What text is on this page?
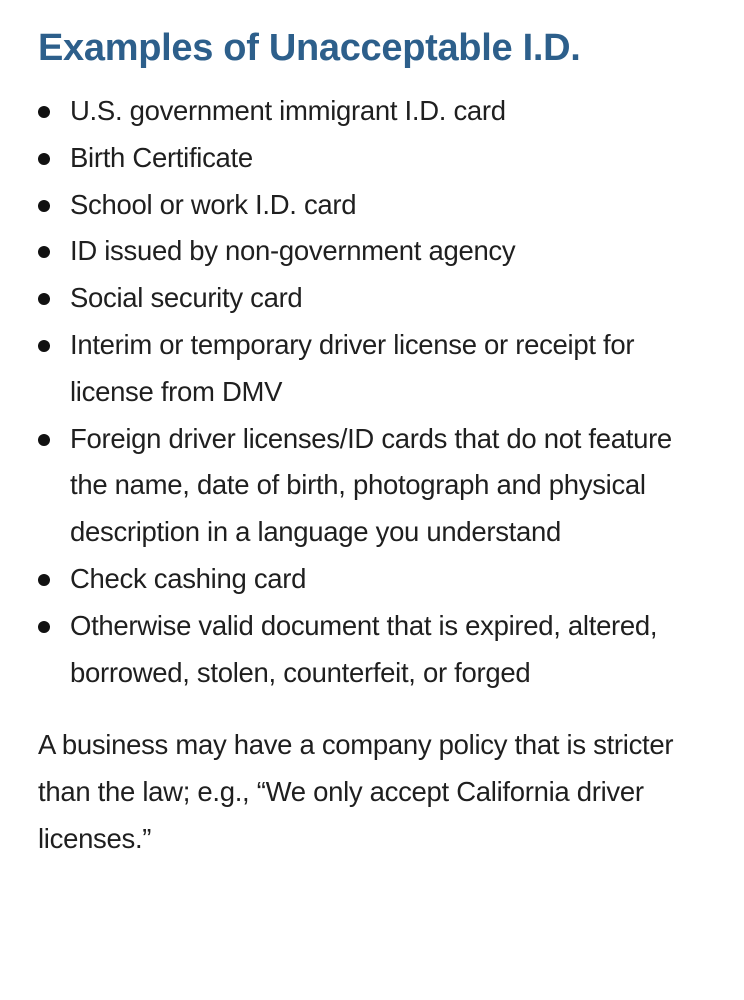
Examples of Unacceptable I.D.
U.S. government immigrant I.D. card
Birth Certificate
School or work I.D. card
ID issued by non-government agency
Social security card
Interim or temporary driver license or receipt for license from DMV
Foreign driver licenses/ID cards that do not feature the name, date of birth, photograph and physical description in a language you understand
Check cashing card
Otherwise valid document that is expired, altered, borrowed, stolen, counterfeit, or forged

A business may have a company policy that is stricter than the law; e.g., “We only accept California driver licenses.”
